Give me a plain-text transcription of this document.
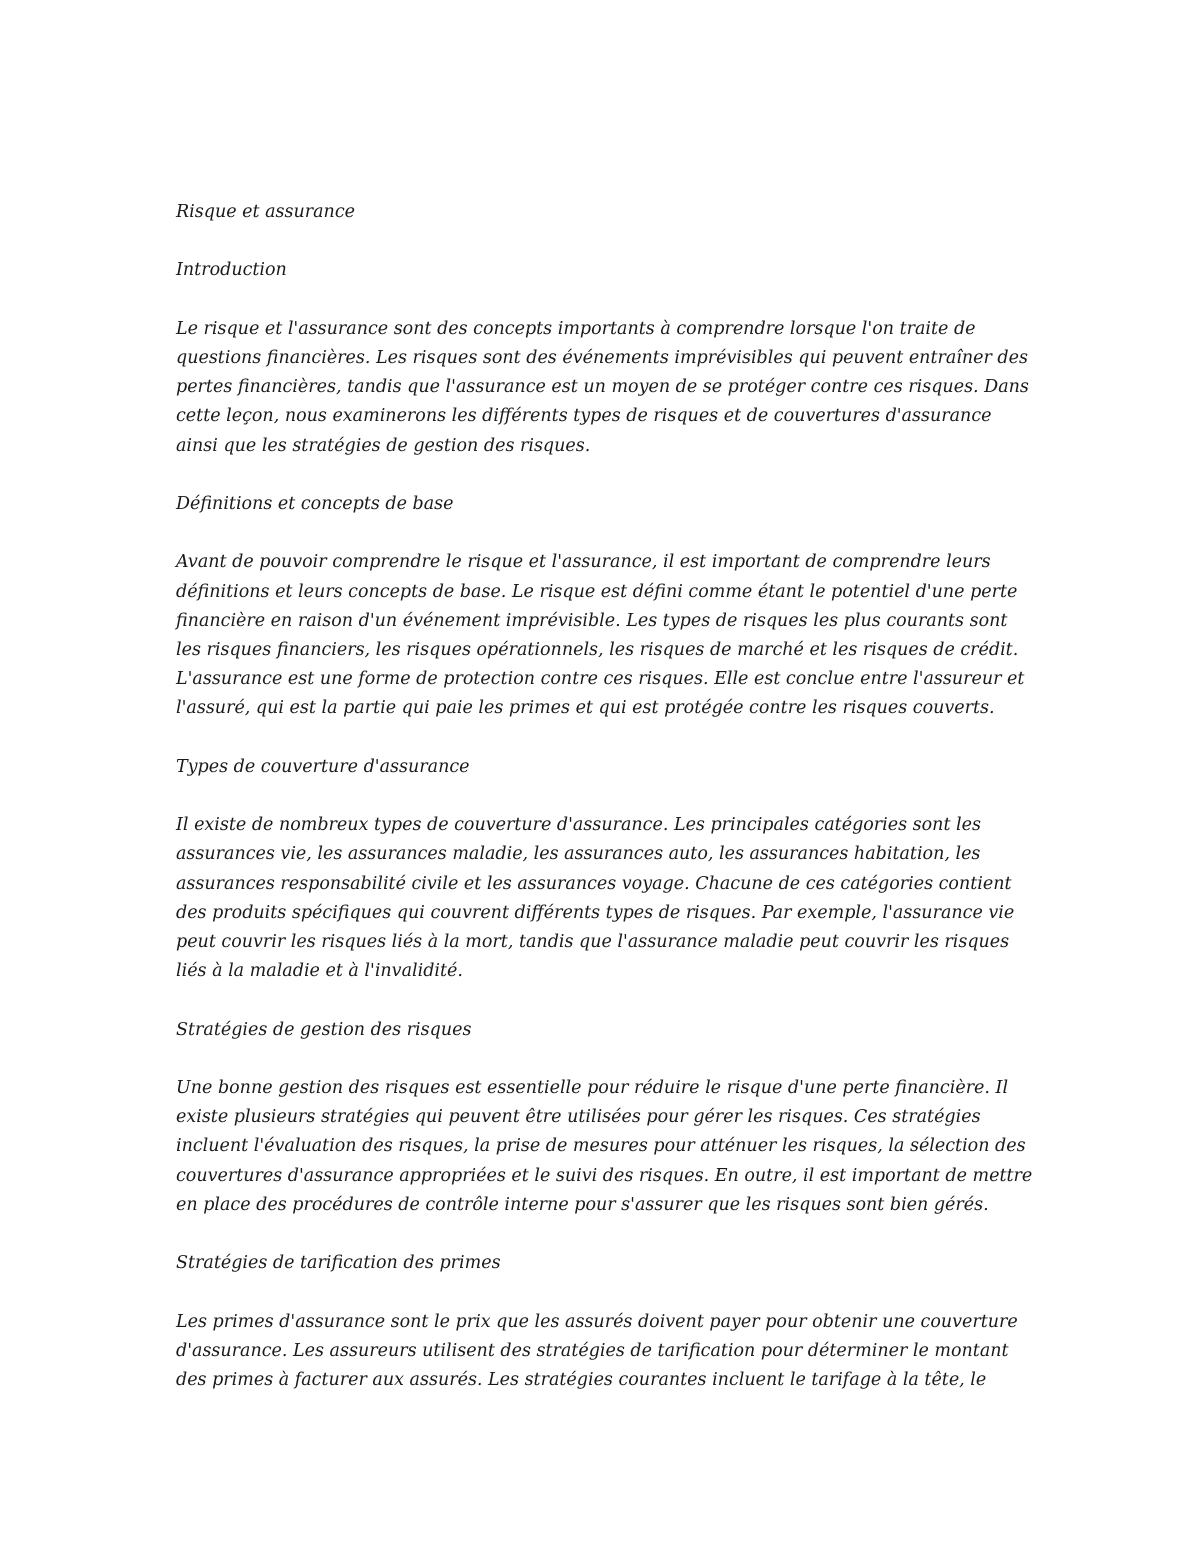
Risque et assurance

Introduction

Le risque et l'assurance sont des concepts importants à comprendre lorsque l'on traite de questions financières. Les risques sont des événements imprévisibles qui peuvent entraîner des pertes financières, tandis que l'assurance est un moyen de se protéger contre ces risques. Dans cette leçon, nous examinerons les différents types de risques et de couvertures d'assurance ainsi que les stratégies de gestion des risques.

Définitions et concepts de base

Avant de pouvoir comprendre le risque et l'assurance, il est important de comprendre leurs définitions et leurs concepts de base. Le risque est défini comme étant le potentiel d'une perte financière en raison d'un événement imprévisible. Les types de risques les plus courants sont les risques financiers, les risques opérationnels, les risques de marché et les risques de crédit. L'assurance est une forme de protection contre ces risques. Elle est conclue entre l'assureur et l'assuré, qui est la partie qui paie les primes et qui est protégée contre les risques couverts.

Types de couverture d'assurance

Il existe de nombreux types de couverture d'assurance. Les principales catégories sont les assurances vie, les assurances maladie, les assurances auto, les assurances habitation, les assurances responsabilité civile et les assurances voyage. Chacune de ces catégories contient des produits spécifiques qui couvrent différents types de risques. Par exemple, l'assurance vie peut couvrir les risques liés à la mort, tandis que l'assurance maladie peut couvrir les risques liés à la maladie et à l'invalidité.

Stratégies de gestion des risques

Une bonne gestion des risques est essentielle pour réduire le risque d'une perte financière. Il existe plusieurs stratégies qui peuvent être utilisées pour gérer les risques. Ces stratégies incluent l'évaluation des risques, la prise de mesures pour atténuer les risques, la sélection des couvertures d'assurance appropriées et le suivi des risques. En outre, il est important de mettre en place des procédures de contrôle interne pour s'assurer que les risques sont bien gérés.

Stratégies de tarification des primes

Les primes d'assurance sont le prix que les assurés doivent payer pour obtenir une couverture d'assurance. Les assureurs utilisent des stratégies de tarification pour déterminer le montant des primes à facturer aux assurés. Les stratégies courantes incluent le tarifage à la tête, le
